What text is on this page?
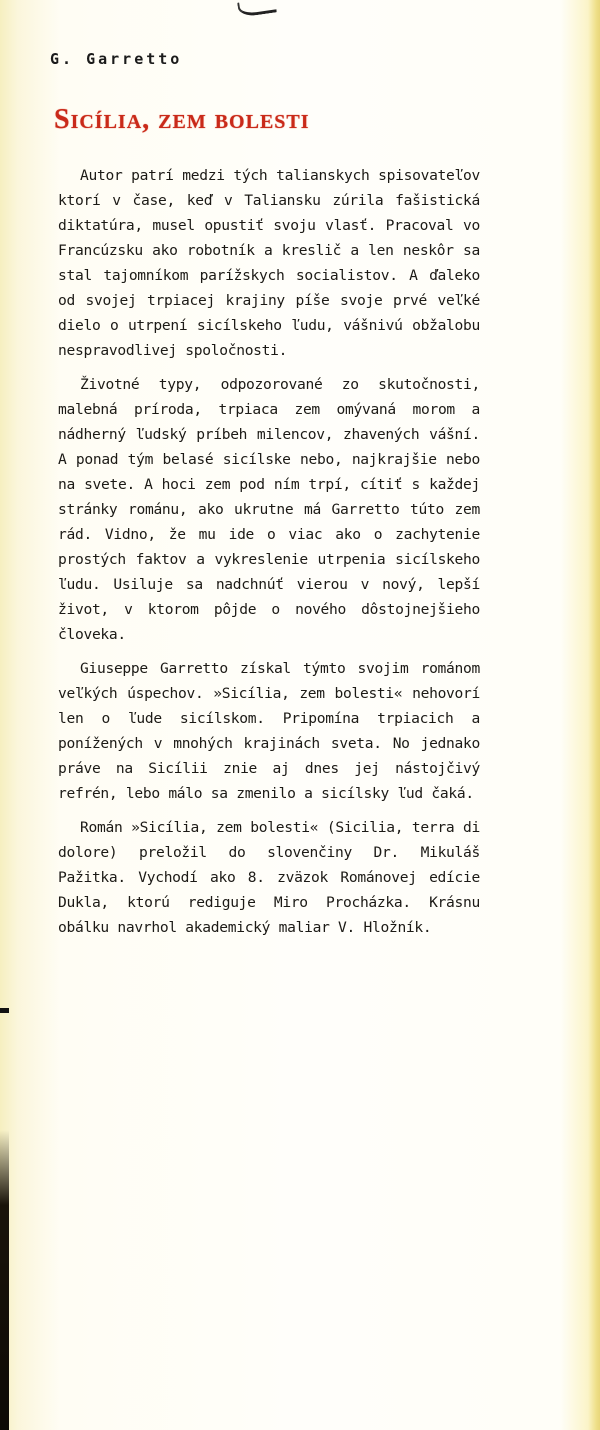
G. Garretto
Sicília, zem bolesti

Autor patrí medzi tých talianskych spisovateľov ktorí v čase, keď v Taliansku zúrila fašistická diktatúra, musel opustiť svoju vlasť. Pracoval vo Francúzsku ako robotník a kreslič a len neskôr sa stal tajomníkom parížskych socialistov. A ďaleko od svojej trpiacej krajiny píše svoje prvé veľké dielo o utrpení sicílskeho ľudu, vášnivú obžalobu nespravodlivej spoločnosti.

Životné typy, odpozorované zo skutočnosti, malebná príroda, trpiaca zem omývaná morom a nádherný ľudský príbeh milencov, zhavených vášní. A ponad tým belasé sicílske nebo, najkrajšie nebo na svete. A hoci zem pod ním trpí, cítiť s každej stránky románu, ako ukrutne má Garretto túto zem rád. Vidno, že mu ide o viac ako o zachytenie prostých faktov a vykreslenie utrpenia sicílskeho ľudu. Usiluje sa nadchnúť vierou v nový, lepší život, v ktorom pôjde o nového dôstojnejšieho človeka.

Giuseppe Garretto získal týmto svojim románom veľkých úspechov. »Sicília, zem bolesti« nehovorí len o ľude sicílskom. Pripomína trpiacich a ponížených v mnohých krajinách sveta. No jednako práve na Sicílii znie aj dnes jej nástojčivý refrén, lebo málo sa zmenilo a sicílsky ľud čaká.

Román »Sicília, zem bolesti« (Sicilia, terra di dolore) preložil do slovenčiny Dr. Mikuláš Pažitka. Vychodí ako 8. zväzok Románovej edície Dukla, ktorú rediguje Miro Procházka. Krásnu obálku navrhol akademický maliar V. Hložník.
